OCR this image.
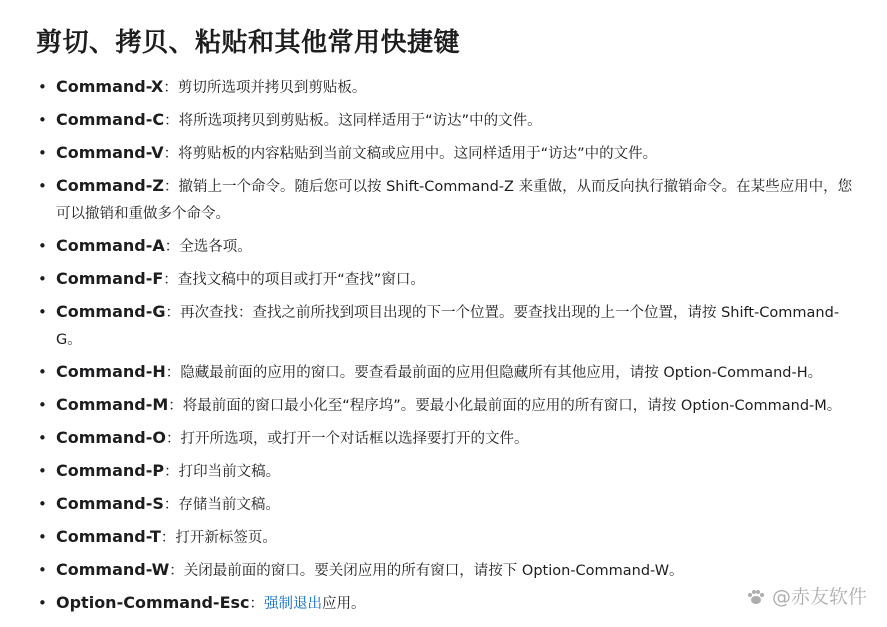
剪切、拷贝、粘贴和其他常用快捷键
• Command-X：剪切所选项并拷贝到剪贴板。
• Command-C：将所选项拷贝到剪贴板。这同样适用于“访达”中的文件。
• Command-V：将剪贴板的内容粘贴到当前文稿或应用中。这同样适用于“访达”中的文件。
• Command-Z：撤销上一个命令。随后您可以按 Shift-Command-Z 来重做，从而反向执行撤销命令。在某些应用中，您可以撤销和重做多个命令。
• Command-A：全选各项。
• Command-F：查找文稿中的项目或打开“查找”窗口。
• Command-G：再次查找：查找之前所找到项目出现的下一个位置。要查找出现的上一个位置，请按 Shift-Command-G。
• Command-H：隐藏最前面的应用的窗口。要查看最前面的应用但隐藏所有其他应用，请按 Option-Command-H。
• Command-M：将最前面的窗口最小化至“程序坞”。要最小化最前面的应用的所有窗口，请按 Option-Command-M。
• Command-O：打开所选项，或打开一个对话框以选择要打开的文件。
• Command-P：打印当前文稿。
• Command-S：存储当前文稿。
• Command-T：打开新标签页。
• Command-W：关闭最前面的窗口。要关闭应用的所有窗口，请按下 Option-Command-W。
• Option-Command-Esc：强制退出应用。	@赤友软件
